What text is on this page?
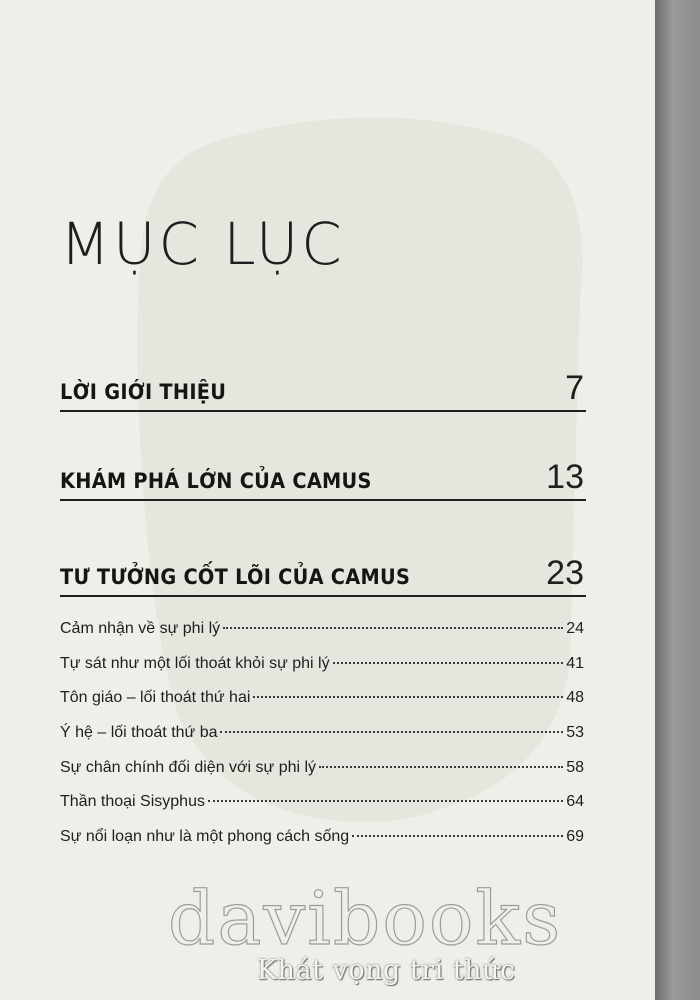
MỤC LỤC
LỜI GIỚI THIỆU	7
KHÁM PHÁ LỚN CỦA CAMUS	13
TƯ TƯỞNG CỐT LÕI CỦA CAMUS	23
Cảm nhận về sự phi lý	24
Tự sát như một lối thoát khỏi sự phi lý	41
Tôn giáo – lối thoát thứ hai	48
Ý hệ – lối thoát thứ ba	53
Sự chân chính đối diện với sự phi lý	58
Thần thoại Sisyphus	64
Sự nổi loạn như là một phong cách sống	69
davibooks
Khát vọng tri thức
